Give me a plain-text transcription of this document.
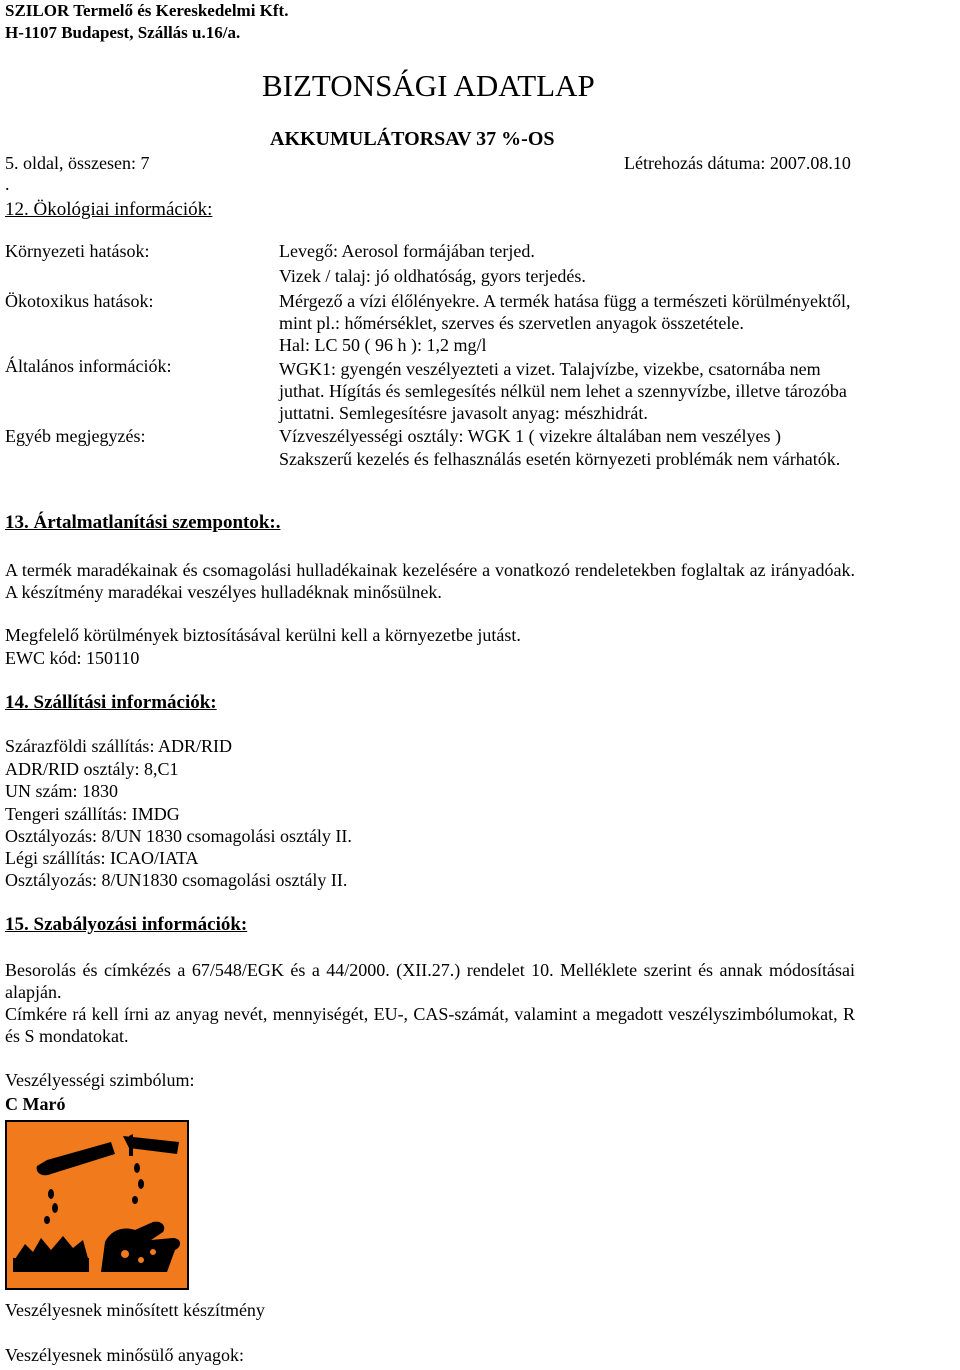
SZILOR Termelő és Kereskedelmi Kft.
H-1107 Budapest, Szállás u.16/a.
BIZTONSÁGI ADATLAP
AKKUMULÁTORSAV 37 %-OS
5. oldal, összesen: 7	Létrehozás dátuma: 2007.08.10
.
12. Ökológiai információk:
Környezeti hatások:
Ökotoxikus hatások:
Általános információk:
Egyéb megjegyzés:
Levegő: Aerosol formájában terjed.
Vizek / talaj: jó oldhatóság, gyors terjedés.
Mérgező a vízi élőlényekre. A termék hatása függ a természeti körülményektől,
mint pl.: hőmérséklet, szerves és szervetlen anyagok összetétele.
Hal: LC 50 ( 96 h ): 1,2 mg/l
WGK1: gyengén veszélyezteti a vizet. Talajvízbe, vizekbe, csatornába nem
juthat. Hígítás és semlegesítés nélkül nem lehet a szennyvízbe, illetve tározóba
juttatni. Semlegesítésre javasolt anyag: mészhidrát.
Vízveszélyességi osztály: WGK 1 ( vizekre általában nem veszélyes )
Szakszerű kezelés és felhasználás esetén környezeti problémák nem várhatók.
13. Ártalmatlanítási szempontok:.
A termék maradékainak és csomagolási hulladékainak kezelésére a vonatkozó rendeletekben foglaltak az irányadóak. A készítmény maradékai veszélyes hulladéknak minősülnek.
Megfelelő körülmények biztosításával kerülni kell a környezetbe jutást.
EWC kód: 150110
14. Szállítási információk:
Szárazföldi szállítás: ADR/RID
ADR/RID osztály: 8,C1
UN szám: 1830
Tengeri szállítás: IMDG
Osztályozás: 8/UN 1830 csomagolási osztály II.
Légi szállítás: ICAO/IATA
Osztályozás: 8/UN1830 csomagolási osztály II.
15. Szabályozási információk:
Besorolás és címkézés a 67/548/EGK és a 44/2000. (XII.27.) rendelet 10. Melléklete szerint és annak módosításai alapján.
Címkére rá kell írni az anyag nevét, mennyiségét, EU-, CAS-számát, valamint a megadott veszélyszimbólumokat, R és S mondatokat.
Veszélyességi szimbólum:
C Maró
Veszélyesnek minősített készítmény
Veszélyesnek minősülő anyagok:
